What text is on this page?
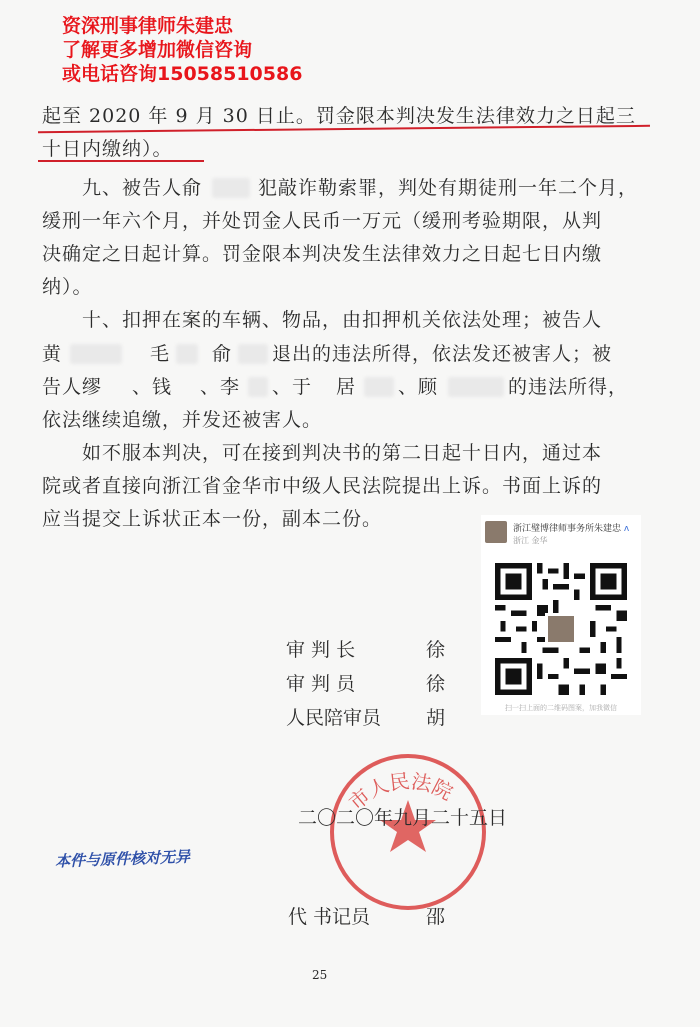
资深刑事律师朱建忠
了解更多增加微信咨询
或电话咨询15058510586
起至 2020 年 9 月 30 日止。罚金限本判决发生法律效力之日起三
十日内缴纳）。
九、被告人俞	犯敲诈勒索罪，判处有期徒刑一年二个月，
缓刑一年六个月，并处罚金人民币一万元（缓刑考验期限，从判
决确定之日起计算。罚金限本判决发生法律效力之日起七日内缴
纳）。
十、扣押在案的车辆、物品，由扣押机关依法处理；被告人
黄	毛 俞 退出的违法所得，依法发还被害人；被
告人缪 、钱 、李 、于 居 、顾	的违法所得，
依法继续追缴，并发还被害人。
如不服本判决，可在接到判决书的第二日起十日内，通过本
院或者直接向浙江省金华市中级人民法院提出上诉。书面上诉的
应当提交上诉状正本一份，副本二份。	浙江璧博律师事务所朱建忠 ʌ
浙江 金华
扫一扫上面的二维码图案，加我微信
审 判 长	徐
审 判 员	徐
人民陪审员 胡
市人民法院
二〇二〇年九月二十五日
本件与原件核对无异
代 书记员	邵
25
